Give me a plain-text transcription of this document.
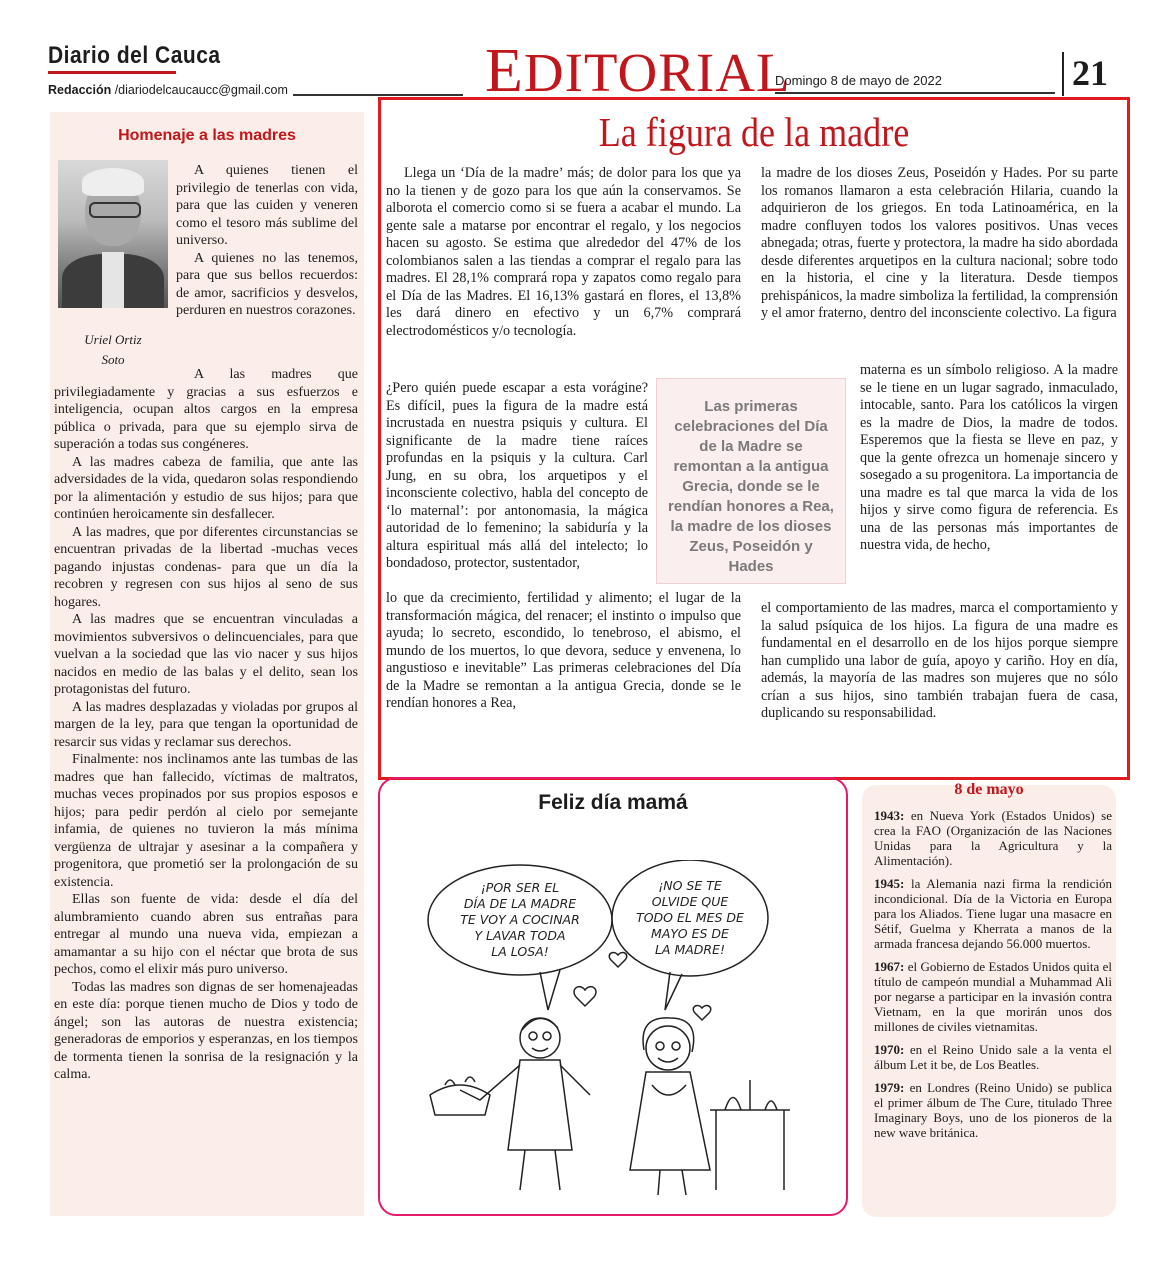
Diario del Cauca
Redacción /diariodelcaucaucc@gmail.com	EDITORIAL
Domingo 8 de mayo de 2022	21
Homenaje a las madres
Uriel Ortiz
Soto

A quienes tienen el privilegio de tenerlas con vida, para que las cuiden y veneren como el tesoro más sublime del universo.

A quienes no las tenemos, para que sus bellos recuerdos: de amor, sacrificios y desvelos, perduren en nuestros corazones.

A las madres que privilegiadamente y gracias a sus esfuerzos e inteligencia, ocupan altos cargos en la empresa pública o privada, para que su ejemplo sirva de superación a todas sus congéneres.

A las madres cabeza de familia, que ante las adversidades de la vida, quedaron solas respondiendo por la alimentación y estudio de sus hijos; para que continúen heroicamente sin desfallecer.

A las madres, que por diferentes circunstancias se encuentran privadas de la libertad -muchas veces pagando injustas condenas- para que un día la recobren y regresen con sus hijos al seno de sus hogares.

A las madres que se encuentran vinculadas a movimientos subversivos o delincuenciales, para que vuelvan a la sociedad que las vio nacer y sus hijos nacidos en medio de las balas y el delito, sean los protagonistas del futuro.

A las madres desplazadas y violadas por grupos al margen de la ley, para que tengan la oportunidad de resarcir sus vidas y reclamar sus derechos.

Finalmente: nos inclinamos ante las tumbas de las madres que han fallecido, víctimas de maltratos, muchas veces propinados por sus propios esposos e hijos; para pedir perdón al cielo por semejante infamia, de quienes no tuvieron la más mínima vergüenza de ultrajar y asesinar a la compañera y progenitora, que prometió ser la prolongación de su existencia.

Ellas son fuente de vida: desde el día del alumbramiento cuando abren sus entrañas para entregar al mundo una nueva vida, empiezan a amamantar a su hijo con el néctar que brota de sus pechos, como el elixir más puro universo.

Todas las madres son dignas de ser homenajeadas en este día: porque tienen mucho de Dios y todo de ángel; son las autoras de nuestra existencia; generadoras de emporios y esperanzas, en los tiempos de tormenta tienen la sonrisa de la resignación y la calma.

La figura de la madre

Llega un ‘Día de la madre’ más; de dolor para los que ya no la tienen y de gozo para los que aún la conservamos. Se alborota el comercio como si se fuera a acabar el mundo. La gente sale a matarse por encontrar el regalo, y los negocios hacen su agosto. Se estima que alrededor del 47% de los colombianos salen a las tiendas a comprar el regalo para las madres. El 28,1% comprará ropa y zapatos como regalo para el Día de las Madres. El 16,13% gastará en flores, el 13,8% les dará dinero en efectivo y un 6,7% comprará electrodomésticos y/o tecnología.

¿Pero quién puede escapar a esta vorágine? Es difícil, pues la figura de la madre está incrustada en nuestra psiquis y cultura. El significante de la madre tiene raíces profundas en la psiquis y la cultura. Carl Jung, en su obra, los arquetipos y el inconsciente colectivo, habla del concepto de ‘lo maternal’: por antonomasia, la mágica autoridad de lo femenino; la sabiduría y la altura espiritual más allá del intelecto; lo bondadoso, protector, sustentador,

lo que da crecimiento, fertilidad y alimento; el lugar de la transformación mágica, del renacer; el instinto o impulso que ayuda; lo secreto, escondido, lo tenebroso, el abismo, el mundo de los muertos, lo que devora, seduce y envenena, lo angustioso e inevitable” Las primeras celebraciones del Día de la Madre se remontan a la antigua Grecia, donde se le rendían honores a Rea,

la madre de los dioses Zeus, Poseidón y Hades. Por su parte los romanos llamaron a esta celebración Hilaria, cuando la adquirieron de los griegos. En toda Latinoamérica, en la madre confluyen todos los valores positivos. Unas veces abnegada; otras, fuerte y protectora, la madre ha sido abordada desde diferentes arquetipos en la cultura nacional; sobre todo en la historia, el cine y la literatura. Desde tiempos prehispánicos, la madre simboliza la fertilidad, la comprensión y el amor fraterno, dentro del inconsciente colectivo. La figura

materna es un símbolo religioso. A la madre se le tiene en un lugar sagrado, inmaculado, intocable, santo. Para los católicos la virgen es la madre de Dios, la madre de todos. Esperemos que la fiesta se lleve en paz, y que la gente ofrezca un homenaje sincero y sosegado a su progenitora. La importancia de una madre es tal que marca la vida de los hijos y sirve como figura de referencia. Es una de las personas más importantes de nuestra vida, de hecho,

el comportamiento de las madres, marca el comportamiento y la salud psíquica de los hijos. La figura de una madre es fundamental en el desarrollo en de los hijos porque siempre han cumplido una labor de guía, apoyo y cariño. Hoy en día, además, la mayoría de las madres son mujeres que no sólo crían a sus hijos, sino también trabajan fuera de casa, duplicando su responsabilidad.

Las primeras celebraciones del Día de la Madre se remontan a la antigua Grecia, donde se le rendían honores a Rea, la madre de los dioses Zeus, Poseidón y Hades
Feliz día mamá
¡POR SER EL
DÍA DE LA MADRE
TE VOY A COCINAR
Y LAVAR TODA
LA LOSA!
¡NO SE TE
OLVIDE QUE
TODO EL MES DE
MAYO ES DE
LA MADRE!
8 de mayo

1943: en Nueva York (Estados Unidos) se crea la FAO (Organización de las Naciones Unidas para la Agricultura y la Alimentación).

1945: la Alemania nazi firma la rendición incondicional. Día de la Victoria en Europa para los Aliados. Tiene lugar una masacre en Sétif, Guelma y Kherrata a manos de la armada francesa dejando 56.000 muertos.

1967: el Gobierno de Estados Unidos quita el título de campeón mundial a Muhammad Ali por negarse a participar en la invasión contra Vietnam, en la que morirán unos dos millones de civiles vietnamitas.

1970: en el Reino Unido sale a la venta el álbum Let it be, de Los Beatles.

1979: en Londres (Reino Unido) se publica el primer álbum de The Cure, titulado Three Imaginary Boys, uno de los pioneros de la new wave británica.
